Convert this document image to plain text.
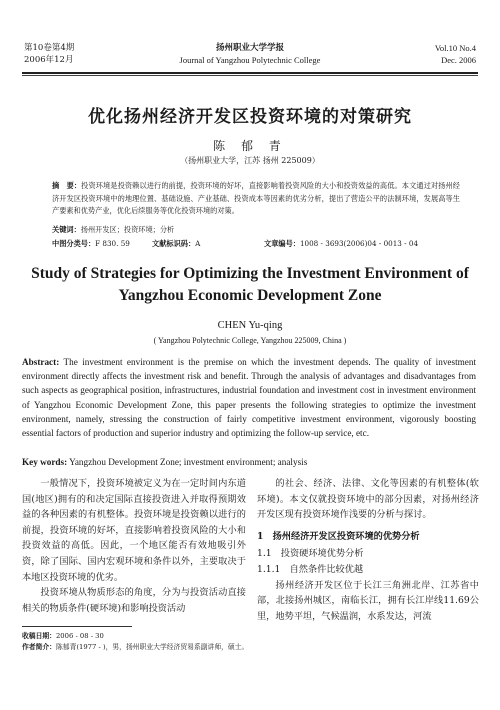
第10卷第4期
2006年12月
扬州职业大学学报
Journal of Yangzhou Polytechnic College
Vol.10 No.4
Dec. 2006
优化扬州经济开发区投资环境的对策研究
陈 郁 青
（扬州职业大学，江苏 扬州 225009）
摘　要：投资环境是投资赖以进行的前提，投资环境的好坏，直接影响着投资风险的大小和投资效益的高低。本文通过对扬州经济开发区投资环境中的地理位置、基础设施、产业基础、投资成本等因素的优劣分析，提出了营造公平的法制环境，发展高等生产要素和优势产业，优化后续服务等优化投资环境的对策。
关键词：扬州开发区；投资环境；分析
中图分类号：F 830. 59	文献标识码：A	文章编号：1008 - 3693(2006)04 - 0013 - 04
Study of Strategies for Optimizing the Investment Environment of
Yangzhou Economic Development Zone
CHEN Yu-qing
( Yangzhou Polytechnic College, Yangzhou 225009, China )
Abstract: The investment environment is the premise on which the investment depends. The quality of investment environment directly affects the investment risk and benefit. Through the analysis of advantages and disadvantages from such aspects as geographical position, infrastructures, industrial foundation and investment cost in investment environment of Yangzhou Economic Development Zone, this paper presents the following strategies to optimize the investment environment, namely, stressing the construction of fairly competitive investment environment, vigorously boosting essential factors of production and superior industry and optimizing the follow-up service, etc.
Key words: Yangzhou Development Zone; investment environment; analysis

一般情况下，投资环境被定义为在一定时间内东道国(地区)拥有的和决定国际直接投资进入并取得预期效益的各种因素的有机整体。投资环境是投资赖以进行的前提，投资环境的好坏，直接影响着投资风险的大小和投资效益的高低。因此，一个地区能否有效地吸引外资，除了国际、国内宏观环境和条件以外，主要取决于本地区投资环境的优劣。

投资环境从物质形态的角度，分为与投资活动直接相关的物质条件(硬环境)和影响投资活动

的社会、经济、法律、文化等因素的有机整体(软环境)。本文仅就投资环境中的部分因素，对扬州经济开发区现有投资环境作浅要的分析与探讨。

1　扬州经济开发区投资环境的优势分析

1.1　投资硬环境优势分析

1.1.1　自然条件比较优越

扬州经济开发区位于长江三角洲北岸、江苏省中部，北接扬州城区，南临长江，拥有长江岸线11.69公里，地势平坦，气候温润，水系发达，河流

收稿日期：2006 - 08 - 30
作者简介：陈郁青(1977 - )，男，扬州职业大学经济贸易系副讲师，硕士。
